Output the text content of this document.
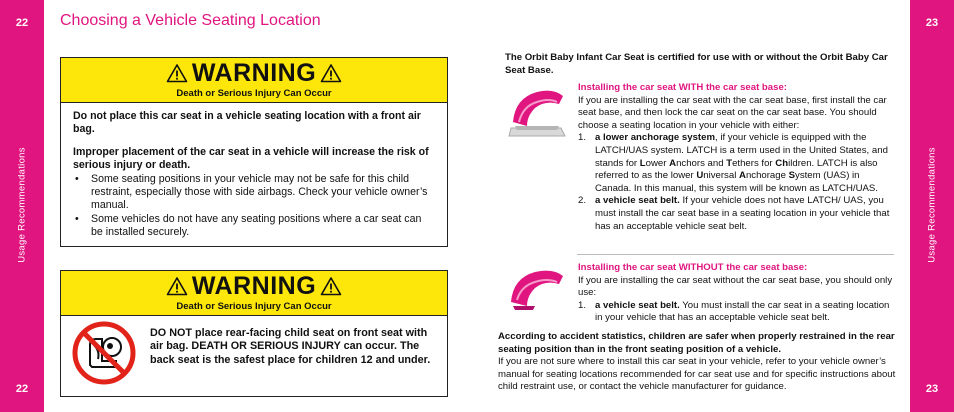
22
Usage Recommendations
22
23
Usage Recommendations
23
Choosing a Vehicle Seating Location
WARNING
Death or Serious Injury Can Occur
Do not place this car seat in a vehicle seating location with a front air bag.
Improper placement of the car seat in a vehicle will increase the risk of serious injury or death.
• Some seating positions in your vehicle may not be safe for this child restraint, especially those with side airbags. Check your vehicle owner’s manual.
• Some vehicles do not have any seating positions where a car seat can be installed securely.
WARNING
Death or Serious Injury Can Occur
DO NOT place rear-facing child seat on front seat with air bag. DEATH OR SERIOUS INJURY can occur. The back seat is the safest place for children 12 and under.
The Orbit Baby Infant Car Seat is certified for use with or without the Orbit Baby Car Seat Base.
Installing the car seat WITH the car seat base:
If you are installing the car seat with the car seat base, first install the car seat base, and then lock the car seat on the car seat base. You should choose a seating location in your vehicle with either:
1. a lower anchorage system, if your vehicle is equipped with the LATCH/UAS system. LATCH is a term used in the United States, and stands for Lower Anchors and Tethers for Children. LATCH is also referred to as the lower Universal Anchorage System (UAS) in Canada. In this manual, this system will be known as LATCH/UAS.
2. a vehicle seat belt. If your vehicle does not have LATCH/ UAS, you must install the car seat base in a seating location in your vehicle that has an acceptable vehicle seat belt.
Installing the car seat WITHOUT the car seat base:
If you are installing the car seat without the car seat base, you should only use:
1. a vehicle seat belt. You must install the car seat in a seating location in your vehicle that has an acceptable vehicle seat belt.
According to accident statistics, children are safer when properly restrained in the rear seating position than in the front seating position of a vehicle.
If you are not sure where to install this car seat in your vehicle, refer to your vehicle owner’s manual for seating locations recommended for car seat use and for specific instructions about child restraint use, or contact the vehicle manufacturer for guidance.
